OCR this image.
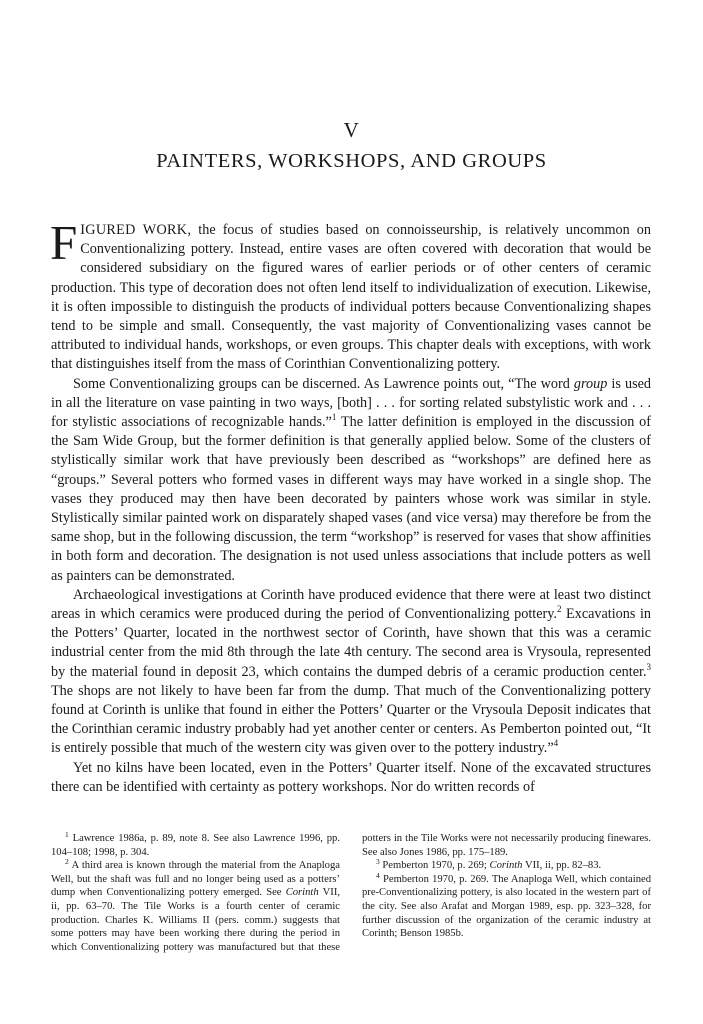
V
PAINTERS, WORKSHOPS, AND GROUPS

FIGURED WORK, the focus of studies based on connoisseurship, is relatively uncommon on Conventionalizing pottery. Instead, entire vases are often covered with decoration that would be considered subsidiary on the figured wares of earlier periods or of other centers of ceramic production. This type of decoration does not often lend itself to individualization of execution. Likewise, it is often impossible to distinguish the products of individual potters because Conventionalizing shapes tend to be simple and small. Consequently, the vast majority of Conventionalizing vases cannot be attributed to individual hands, workshops, or even groups. This chapter deals with exceptions, with work that distinguishes itself from the mass of Corinthian Conventionalizing pottery.

Some Conventionalizing groups can be discerned. As Lawrence points out, “The word group is used in all the literature on vase painting in two ways, [both] . . . for sorting related substylistic work and . . . for stylistic associations of recognizable hands.”$^1$ The latter definition is employed in the discussion of the Sam Wide Group, but the former definition is that generally applied below. Some of the clusters of stylistically similar work that have previously been described as “workshops” are defined here as “groups.” Several potters who formed vases in different ways may have worked in a single shop. The vases they produced may then have been decorated by painters whose work was similar in style. Stylistically similar painted work on disparately shaped vases (and vice versa) may therefore be from the same shop, but in the following discussion, the term “workshop” is reserved for vases that show affinities in both form and decoration. The designation is not used unless associations that include potters as well as painters can be demonstrated.

Archaeological investigations at Corinth have produced evidence that there were at least two distinct areas in which ceramics were produced during the period of Conventionalizing pottery.$^2$ Excavations in the Potters’ Quarter, located in the northwest sector of Corinth, have shown that this was a ceramic industrial center from the mid 8th through the late 4th century. The second area is Vrysoula, represented by the material found in deposit 23, which contains the dumped debris of a ceramic production center.$^3$ The shops are not likely to have been far from the dump. That much of the Conventionalizing pottery found at Corinth is unlike that found in either the Potters’ Quarter or the Vrysoula Deposit indicates that the Corinthian ceramic industry probably had yet another center or centers. As Pemberton pointed out, “It is entirely possible that much of the western city was given over to the pottery industry.”$^4$

Yet no kilns have been located, even in the Potters’ Quarter itself. None of the excavated structures there can be identified with certainty as pottery workshops. Nor do written records of

$^1$ Lawrence 1986a, p. 89, note 8. See also Lawrence 1996, pp. 104–108; 1998, p. 304.

$^2$ A third area is known through the material from the Anaploga Well, but the shaft was full and no longer being used as a potters’ dump when Conventionalizing pottery emerged. See Corinth VII, ii, pp. 63–70. The Tile Works is a fourth center of ceramic production. Charles K. Williams II (pers. comm.) suggests that some potters may have been working there during the period in which Conventionalizing pottery was manufactured but that these potters in the Tile Works were not necessarily producing finewares. See also Jones 1986, pp. 175–189.

$^3$ Pemberton 1970, p. 269; Corinth VII, ii, pp. 82–83.

$^4$ Pemberton 1970, p. 269. The Anaploga Well, which contained pre-Conventionalizing pottery, is also located in the western part of the city. See also Arafat and Morgan 1989, esp. pp. 323–328, for further discussion of the organization of the ceramic industry at Corinth; Benson 1985b.
